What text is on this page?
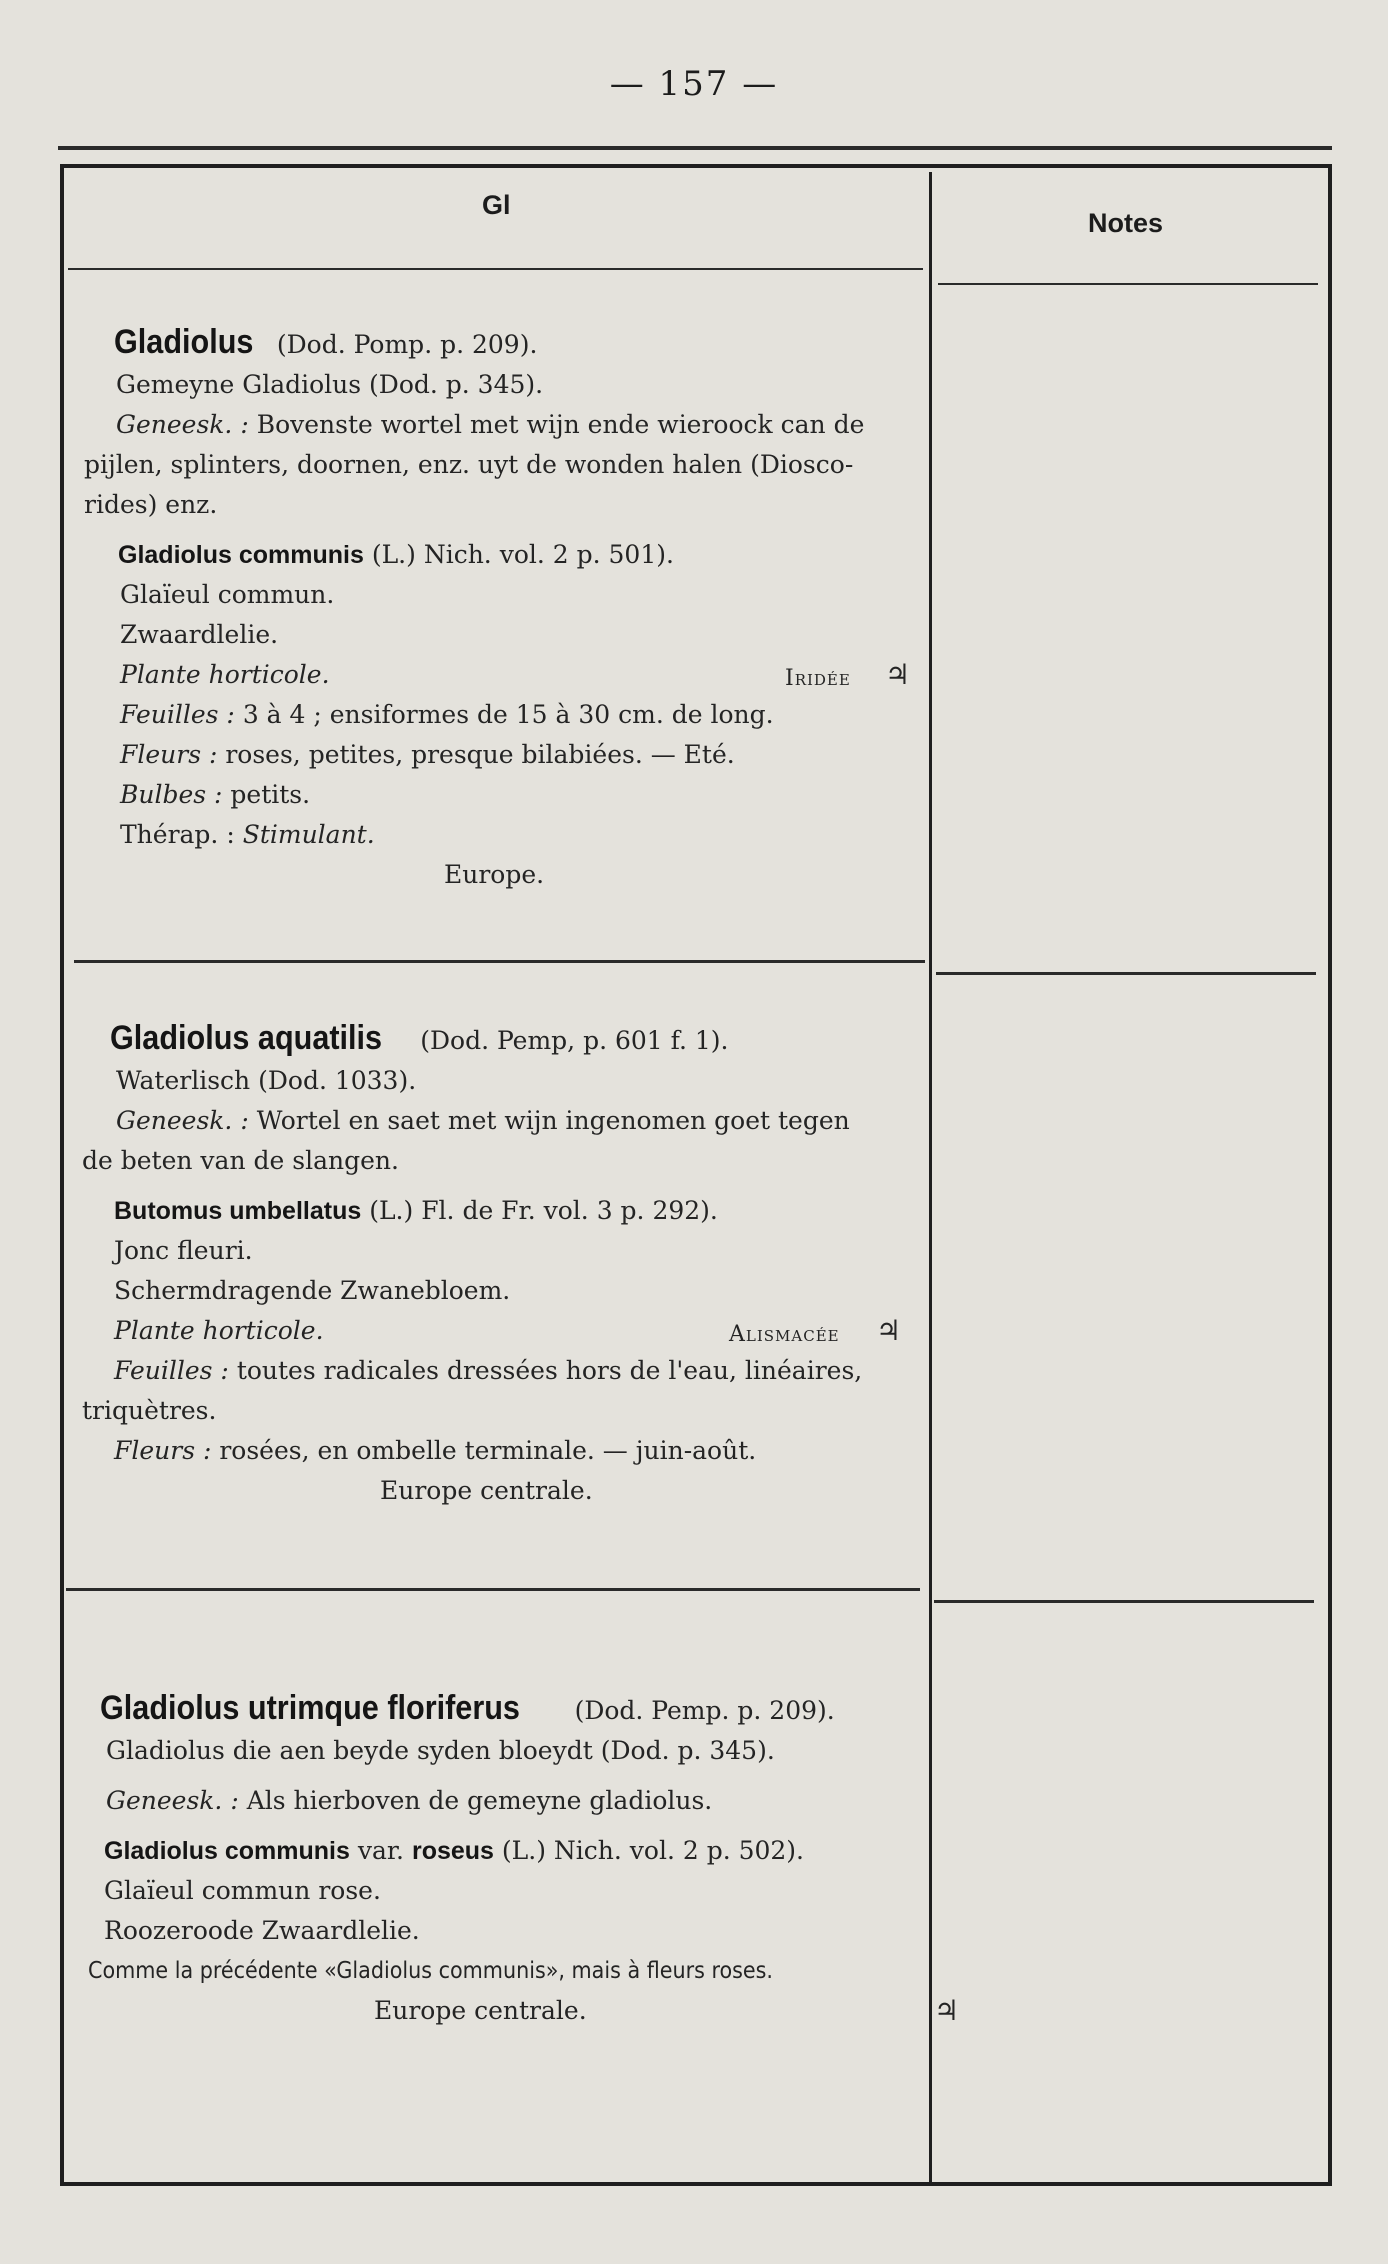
— 157 —
Gl
Notes
Gladiolus (Dod. Pomp. p. 209).
Gemeyne Gladiolus (Dod. p. 345).
Geneesk. : Bovenste wortel met wijn ende wieroock can de
pijlen, splinters, doornen, enz. uyt de wonden halen (Diosco-
rides) enz.
Gladiolus communis (L.) Nich. vol. 2 p. 501).
Glaïeul commun.
Zwaardlelie.
Plante horticole.	Iridée ♃
Feuilles : 3 à 4 ; ensiformes de 15 à 30 cm. de long.
Fleurs : roses, petites, presque bilabiées. — Eté.
Bulbes : petits.
Thérap. : Stimulant.
Europe.
Gladiolus aquatilis (Dod. Pemp, p. 601 f. 1).
Waterlisch (Dod. 1033).
Geneesk. : Wortel en saet met wijn ingenomen goet tegen
de beten van de slangen.
Butomus umbellatus (L.) Fl. de Fr. vol. 3 p. 292).
Jonc fleuri.
Schermdragende Zwanebloem.
Plante horticole.	Alismacée ♃
Feuilles : toutes radicales dressées hors de l'eau, linéaires,
triquètres.
Fleurs : rosées, en ombelle terminale. — juin-août.
Europe centrale.
Gladiolus utrimque floriferus (Dod. Pemp. p. 209).
Gladiolus die aen beyde syden bloeydt (Dod. p. 345).
Geneesk. : Als hierboven de gemeyne gladiolus.
Gladiolus communis var. roseus (L.) Nich. vol. 2 p. 502).
Glaïeul commun rose.
Roozeroode Zwaardlelie.
Comme la précédente «Gladiolus communis», mais à fleurs roses.
Europe centrale.	♃
